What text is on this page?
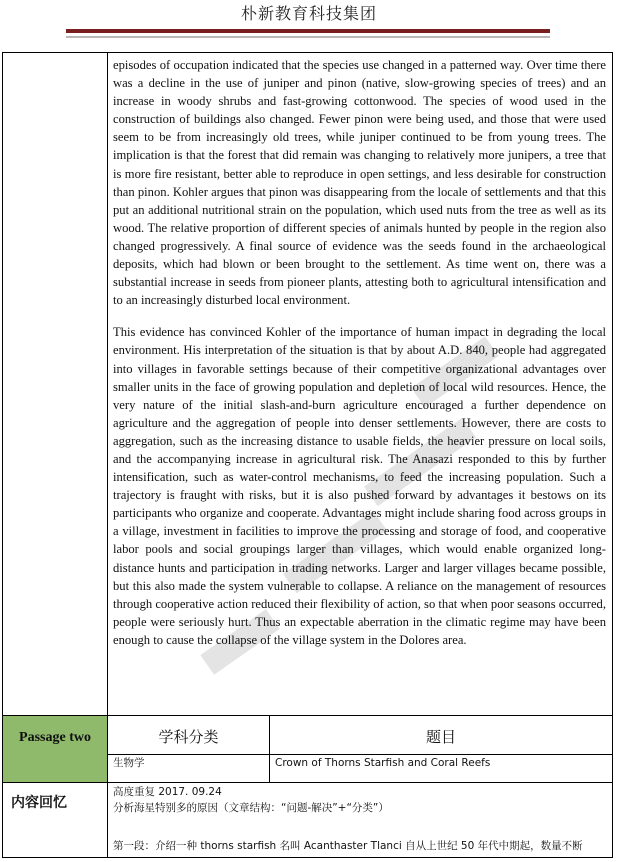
朴新教育科技集团

episodes of occupation indicated that the species use changed in a patterned way. Over time there was a decline in the use of juniper and pinon (native, slow-growing species of trees) and an increase in woody shrubs and fast-growing cottonwood. The species of wood used in the construction of buildings also changed. Fewer pinon were being used, and those that were used seem to be from increasingly old trees, while juniper continued to be from young trees. The implication is that the forest that did remain was changing to relatively more junipers, a tree that is more fire resistant, better able to reproduce in open settings, and less desirable for construction than pinon. Kohler argues that pinon was disappearing from the locale of settlements and that this put an additional nutritional strain on the population, which used nuts from the tree as well as its wood. The relative proportion of different species of animals hunted by people in the region also changed progressively. A final source of evidence was the seeds found in the archaeological deposits, which had blown or been brought to the settlement. As time went on, there was a substantial increase in seeds from pioneer plants, attesting both to agricultural intensification and to an increasingly disturbed local environment.

This evidence has convinced Kohler of the importance of human impact in degrading the local environment. His interpretation of the situation is that by about A.D. 840, people had aggregated into villages in favorable settings because of their competitive organizational advantages over smaller units in the face of growing population and depletion of local wild resources. Hence, the very nature of the initial slash-and-burn agriculture encouraged a further dependence on agriculture and the aggregation of people into denser settlements. However, there are costs to aggregation, such as the increasing distance to usable fields, the heavier pressure on local soils, and the accompanying increase in agricultural risk. The Anasazi responded to this by further intensification, such as water-control mechanisms, to feed the increasing population. Such a trajectory is fraught with risks, but it is also pushed forward by advantages it bestows on its participants who organize and cooperate. Advantages might include sharing food across groups in a village, investment in facilities to improve the processing and storage of food, and cooperative labor pools and social groupings larger than villages, which would enable organized long-distance hunts and participation in trading networks. Larger and larger villages became possible, but this also made the system vulnerable to collapse. A reliance on the management of resources through cooperative action reduced their flexibility of action, so that when poor seasons occurred, people were seriously hurt. Thus an expectable aberration in the climatic regime may have been enough to cause the collapse of the village system in the Dolores area.

Passage two	学科分类	题目
生物学	Crown of Thorns Starfish and Coral Reefs
内容回忆
高度重复 2017. 09.24
分析海星特别多的原因（文章结构：“问题-解决”+“分类”）
第一段：介绍一种 thorns starfish 名叫 Acanthaster Tlanci 自从上世纪 50 年代中期起，数量不断
